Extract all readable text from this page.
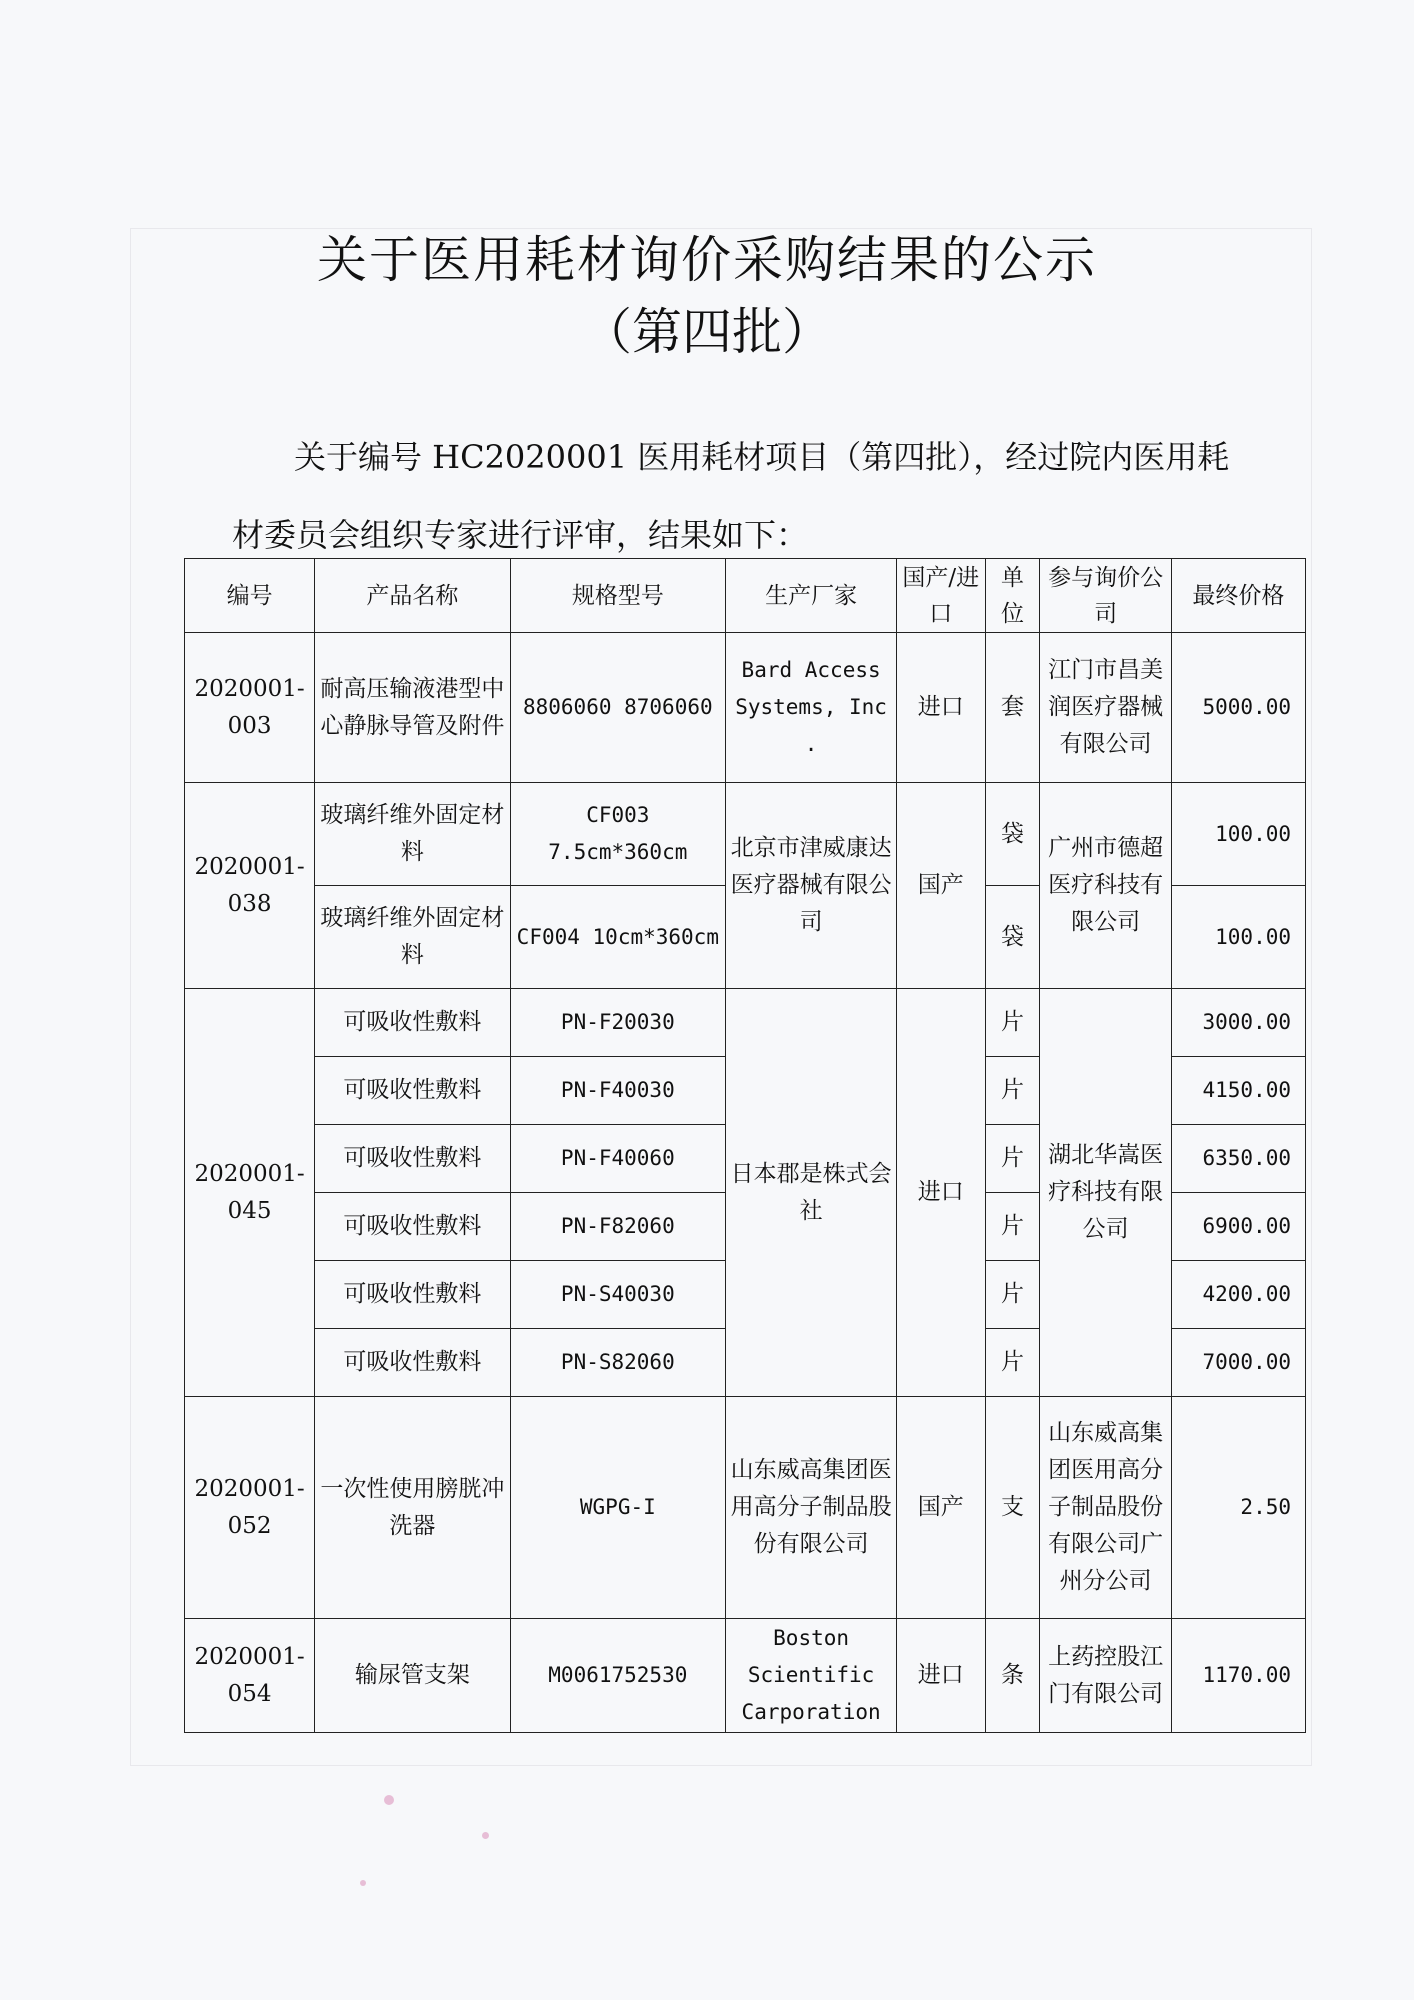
关于医用耗材询价采购结果的公示
（第四批）
关于编号 HC2020001 医用耗材项目（第四批），经过院内医用耗材委员会组织专家进行评审，结果如下：
编号	产品名称	规格型号	生产厂家	国产/进口	单位	参与询价公司	最终价格
2020001-003	耐高压输液港型中心静脉导管及附件	8806060 8706060	Bard Access Systems, Inc .	进口	套	江门市昌美润医疗器械有限公司	5000.00
2020001-038	玻璃纤维外固定材料	CF003 7.5cm*360cm	北京市津威康达医疗器械有限公司	国产	袋	广州市德超医疗科技有限公司	100.00
	玻璃纤维外固定材料	CF004 10cm*360cm			袋		100.00
2020001-045	可吸收性敷料	PN-F20030	日本郡是株式会社	进口	片	湖北华嵩医疗科技有限公司	3000.00
	可吸收性敷料	PN-F40030			片		4150.00
	可吸收性敷料	PN-F40060			片		6350.00
	可吸收性敷料	PN-F82060			片		6900.00
	可吸收性敷料	PN-S40030			片		4200.00
	可吸收性敷料	PN-S82060			片		7000.00
2020001-052	一次性使用膀胱冲洗器	WGPG-I	山东威高集团医用高分子制品股份有限公司	国产	支	山东威高集团医用高分子制品股份有限公司广州分公司	2.50
2020001-054	输尿管支架	M0061752530	Boston Scientific Carporation	进口	条	上药控股江门有限公司	1170.00
